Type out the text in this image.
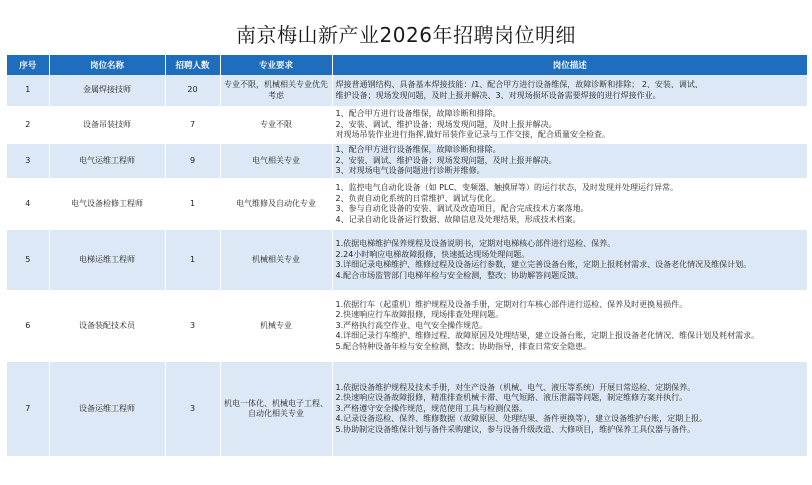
南京梅山新产业2026年招聘岗位明细
序号	岗位名称	招聘人数	专业要求	岗位描述
1	金属焊接技师	20	专业不限，机械相关专业优先考虑	焊接普通钢结构、具备基本焊接技能：/1、配合甲方进行设备维保，故障诊断和排除； 2、安装、调试、
维护设备；现场发现问题，及时上报并解决、3、对现场损坏设备需要焊接的进行焊接作业。

2	设备吊装技师	7	专业不限	1、配合甲方进行设备维保，故障诊断和排除。
2、安装、调试、维护设备；现场发现问题，及时上报并解决。
对现场吊装作业进行指挥,做好吊装作业记录与工作交接，配合质量安全检查。

3	电气运维工程师	9	电气相关专业	1、配合甲方进行设备维保，故障诊断和排除。
2、安装、调试、维护设备；现场发现问题，及时上报并解决。
3、对现场电气设备问题进行诊断并维修。

4	电气设备检修工程师	1	电气维修及自动化专业	1、监控电气自动化设备（如 PLC、变频器、触摸屏等）的运行状态，及时发现并处理运行异常。
2、负责自动化系统的日常维护、调试与优化。
3、参与自动化设备的安装、调试及改造项目，配合完成技术方案落地。
4、记录自动化设备运行数据、故障信息及处理结果，形成技术档案。

5	电梯运维工程师	1	机械相关专业	1.依据电梯维护保养规程及设备说明书，定期对电梯核心部件进行巡检、保养。
2.24小时响应电梯故障报修，快速抵达现场处理问题。
3.详细记录电梯维护、维修过程及设备运行参数，建立完善设备台账，定期上报耗材需求、设备老化情况及维保计划。
4.配合市场监管部门电梯年检与安全检测，整改；协助解答问题反馈。

6	设备装配技术员	3	机械专业	1.依据行车（起重机）维护规程及设备手册，定期对行车核心部件进行巡检、保养及时更换易损件。
2.快速响应行车故障报修，现场排查处理问题。
3.严格执行高空作业、电气安全操作规范。
4.详细记录行车维护、维修过程、故障原因及处理结果，建立设备台账，定期上报设备老化情况、维保计划及耗材需求。
5.配合特种设备年检与安全检测，整改；协助指导，排查日常安全隐患。

7	设备运维工程师	3	机电一体化、机械电子工程、自动化相关专业	1.依据设备维护规程及技术手册，对生产设备（机械、电气、液压等系统）开展日常巡检、定期保养。
2.快速响应设备故障报修，精准排查机械卡滞、电气短路、液压泄漏等问题，制定维修方案并执行。
3.严格遵守安全操作规范，规范使用工具与检测仪器。
4.记录设备巡检、保养、维修数据（故障原因、处理结果、备件更换等），建立设备维护台账，定期上报。
5.协助制定设备维保计划与备件采购建议，参与设备升级改造、大修项目，维护保养工具仪器与备件。
